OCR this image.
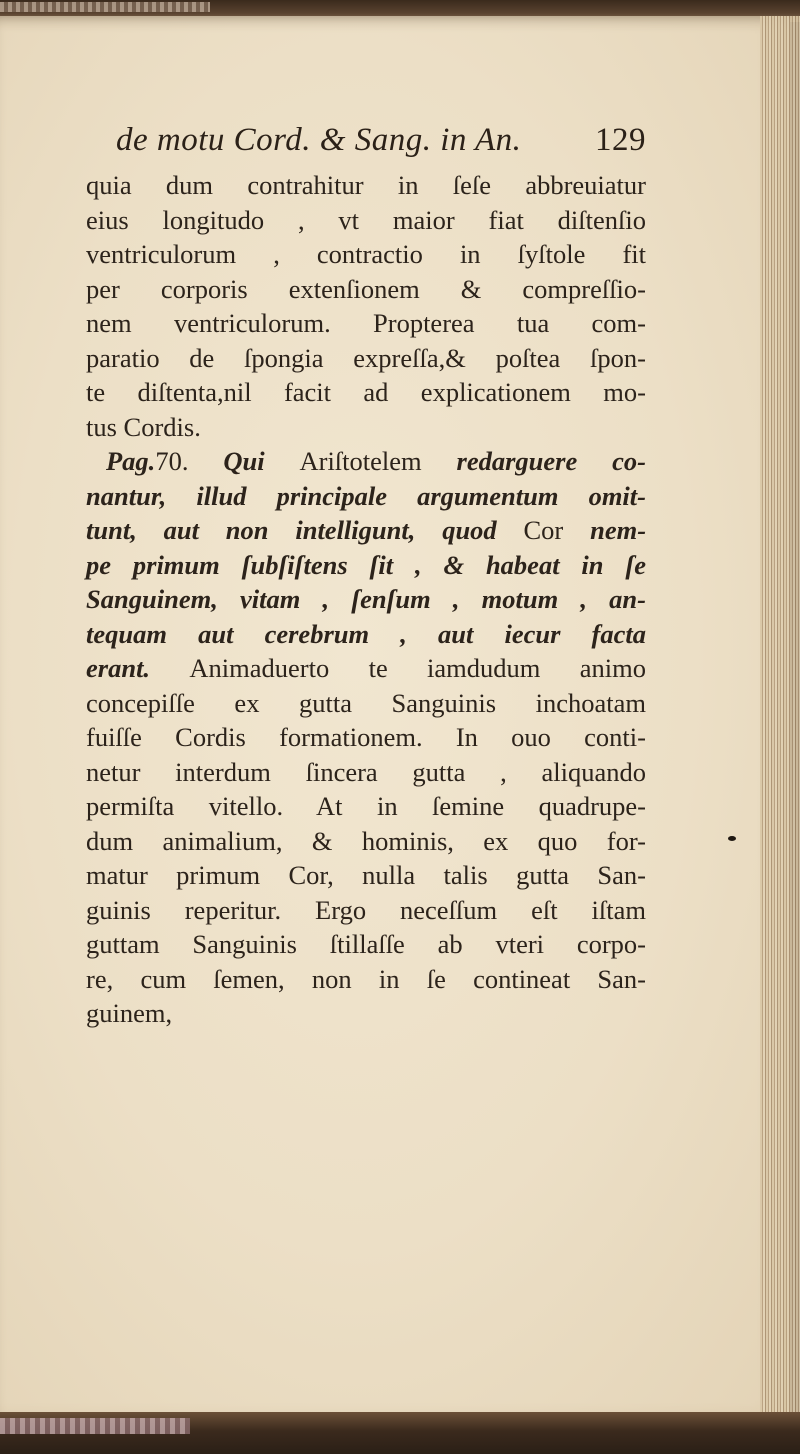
de motu Cord. & Sang. in An. 129
quia dum contrahitur in ſeſe abbreuiatur
eius longitudo , vt maior fiat diſtenſio
ventriculorum , contractio in ſyſtole fit
per corporis extenſionem & compreſſio-
nem ventriculorum. Propterea tua com-
paratio de ſpongia expreſſa,& poſtea ſpon-
te diſtenta,nil facit ad explicationem mo-
tus Cordis.
Pag.70. Qui Ariſtotelem redarguere co-
nantur, illud principale argumentum omit-
tunt, aut non intelligunt, quod Cor nem-
pe primum ſubſiſtens ſit , & habeat in ſe
Sanguinem, vitam , ſenſum , motum , an-
tequam aut cerebrum , aut iecur facta
erant. Animaduerto te iamdudum animo
concepiſſe ex gutta Sanguinis inchoatam
fuiſſe Cordis formationem. In ouo conti-
netur interdum ſincera gutta , aliquando
permiſta vitello. At in ſemine quadrupe-
dum animalium, & hominis, ex quo for-
matur primum Cor, nulla talis gutta San-
guinis reperitur. Ergo neceſſum eſt iſtam
guttam Sanguinis ſtillaſſe ab vteri corpo-
re, cum ſemen, non in ſe contineat San-
guinem,
